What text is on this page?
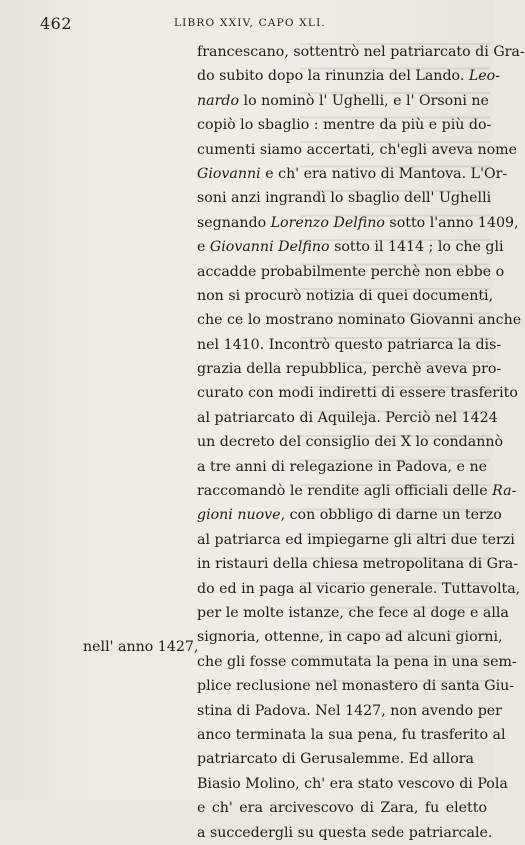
462	LIBRO XXIV, CAPO XLI.
nell' anno 1427,
francescano, sottentrò nel patriarcato di Gra-
do subito dopo la rinunzia del Lando. Leo-
nardo lo nominò l' Ughelli, e l' Orsoni ne
copiò lo sbaglio : mentre da più e più do-
cumenti siamo accertati, ch'egli aveva nome
Giovanni e ch' era nativo di Mantova. L'Or-
soni anzi ingrandì lo sbaglio dell' Ughelli
segnando Lorenzo Delfino sotto l'anno 1409,
e Giovanni Delfino sotto il 1414 ; lo che gli
accadde probabilmente perchè non ebbe o
non si procurò notizia di quei documenti,
che ce lo mostrano nominato Giovanni anche
nel 1410. Incontrò questo patriarca la dis-
grazia della repubblica, perchè aveva pro-
curato con modi indiretti di essere trasferito
al patriarcato di Aquileja. Perciò nel 1424
un decreto del consiglio dei X lo condannò
a tre anni di relegazione in Padova, e ne
raccomandò le rendite agli officiali delle Ra-
gioni nuove, con obbligo di darne un terzo
al patriarca ed impiegarne gli altri due terzi
in ristauri della chiesa metropolitana di Gra-
do ed in paga al vicario generale. Tuttavolta,
per le molte istanze, che fece al doge e alla
signoria, ottenne, in capo ad alcuni giorni,
che gli fosse commutata la pena in una sem-
plice reclusione nel monastero di santa Giu-
stina di Padova. Nel 1427, non avendo per
anco terminata la sua pena, fu trasferito al
patriarcato di Gerusalemme. Ed allora
Biasio Molino, ch' era stato vescovo di Pola
e ch' era arcivescovo di Zara, fu eletto
a succedergli su questa sede patriarcale.
